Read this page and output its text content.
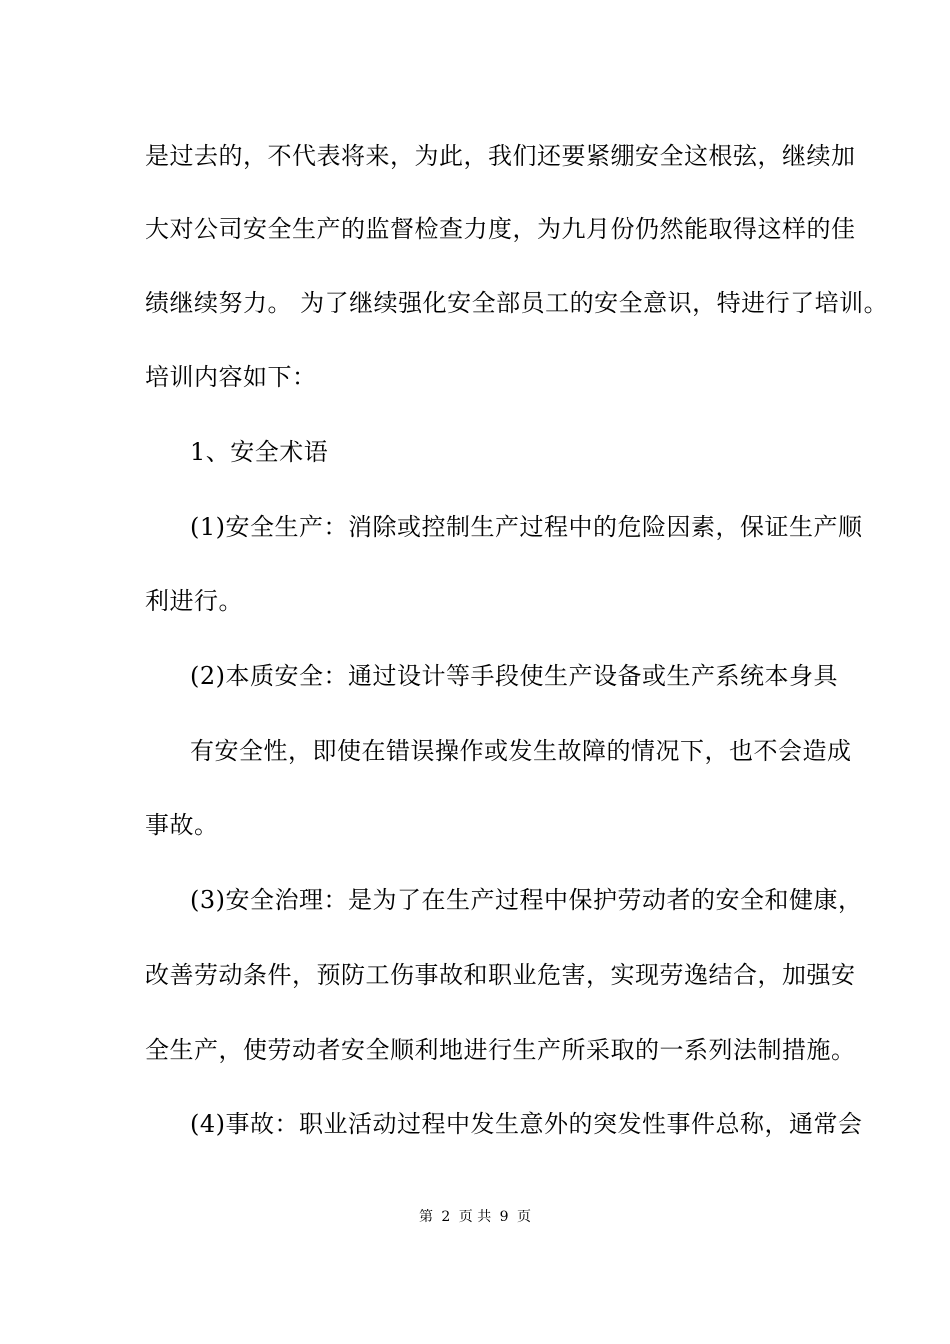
是过去的，不代表将来，为此，我们还要紧绷安全这根弦，继续加
大对公司安全生产的监督检查力度，为九月份仍然能取得这样的佳
绩继续努力。 为了继续强化安全部员工的安全意识，特进行了培训。
培训内容如下：
1、安全术语
(1)安全生产：消除或控制生产过程中的危险因素，保证生产顺
利进行。
(2)本质安全：通过设计等手段使生产设备或生产系统本身具
有安全性，即使在错误操作或发生故障的情况下，也不会造成
事故。
(3)安全治理：是为了在生产过程中保护劳动者的安全和健康，
改善劳动条件，预防工伤事故和职业危害，实现劳逸结合，加强安
全生产，使劳动者安全顺利地进行生产所采取的一系列法制措施。
(4)事故：职业活动过程中发生意外的突发性事件总称，通常会
第 2 页 共 9 页
